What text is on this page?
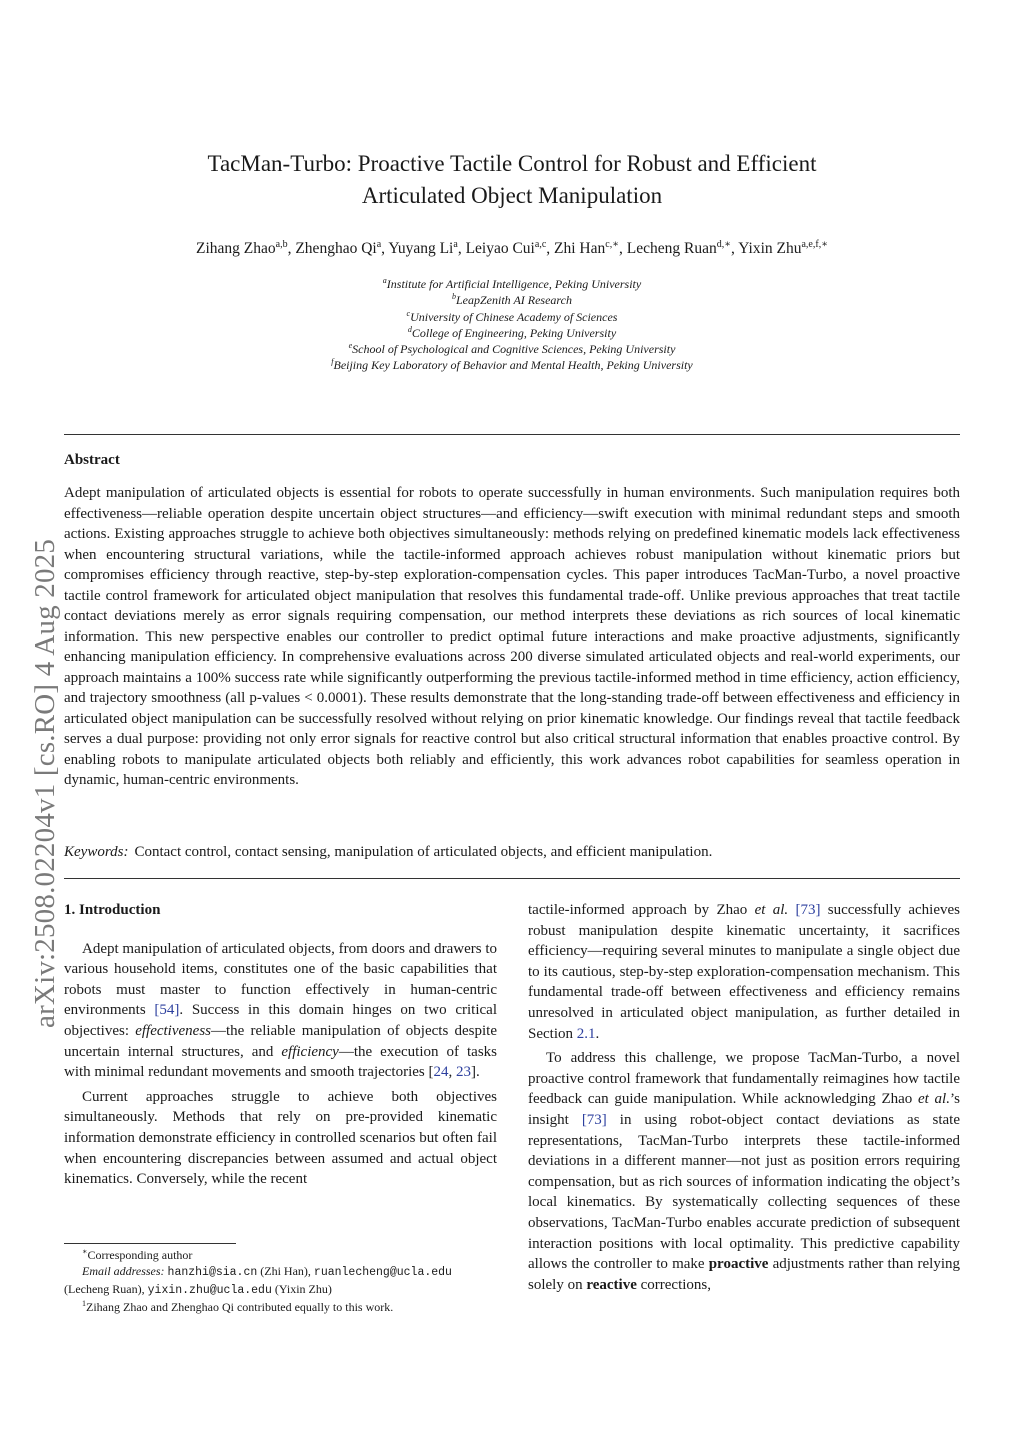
arXiv:2508.02204v1 [cs.RO] 4 Aug 2025
TacMan-Turbo: Proactive Tactile Control for Robust and Efficient
Articulated Object Manipulation
Zihang Zhao$^{a,b}$, Zhenghao Qi$^a$, Yuyang Li$^a$, Leiyao Cui$^{a,c}$, Zhi Han$^{c,∗}$, Lecheng Ruan$^{d,∗}$, Yixin Zhu$^{a,e,f,∗}$
$^a$Institute for Artificial Intelligence, Peking University
$^b$LeapZenith AI Research
$^c$University of Chinese Academy of Sciences
$^d$College of Engineering, Peking University
$^e$School of Psychological and Cognitive Sciences, Peking University
$^f$Beijing Key Laboratory of Behavior and Mental Health, Peking University
Abstract
Adept manipulation of articulated objects is essential for robots to operate successfully in human environments. Such manipulation requires both effectiveness—reliable operation despite uncertain object structures—and efficiency—swift execution with minimal redundant steps and smooth actions. Existing approaches struggle to achieve both objectives simultaneously: methods relying on predefined kinematic models lack effectiveness when encountering structural variations, while the tactile-informed approach achieves robust manipulation without kinematic priors but compromises efficiency through reactive, step-by-step exploration-compensation cycles. This paper introduces TacMan-Turbo, a novel proactive tactile control framework for articulated object manipulation that resolves this fundamental trade-off. Unlike previous approaches that treat tactile contact deviations merely as error signals requiring compensation, our method interprets these deviations as rich sources of local kinematic information. This new perspective enables our controller to predict optimal future interactions and make proactive adjustments, significantly enhancing manipulation efficiency. In comprehensive evaluations across 200 diverse simulated articulated objects and real-world experiments, our approach maintains a 100% success rate while significantly outperforming the previous tactile-informed method in time efficiency, action efficiency, and trajectory smoothness (all p-values < 0.0001). These results demonstrate that the long-standing trade-off between effectiveness and efficiency in articulated object manipulation can be successfully resolved without relying on prior kinematic knowledge. Our findings reveal that tactile feedback serves a dual purpose: providing not only error signals for reactive control but also critical structural information that enables proactive control. By enabling robots to manipulate articulated objects both reliably and efficiently, this work advances robot capabilities for seamless operation in dynamic, human-centric environments.
Keywords: Contact control, contact sensing, manipulation of articulated objects, and efficient manipulation.
1. Introduction

Adept manipulation of articulated objects, from doors and drawers to various household items, constitutes one of the basic capabilities that robots must master to function effectively in human-centric environments [54]. Success in this domain hinges on two critical objectives: effectiveness—the reliable manipulation of objects despite uncertain internal structures, and efficiency—the execution of tasks with minimal redundant movements and smooth trajectories [24, 23].

Current approaches struggle to achieve both objectives simultaneously. Methods that rely on pre-provided kinematic information demonstrate efficiency in controlled scenarios but often fail when encountering discrepancies between assumed and actual object kinematics. Conversely, while the recent

tactile-informed approach by Zhao et al. [73] successfully achieves robust manipulation despite kinematic uncertainty, it sacrifices efficiency—requiring several minutes to manipulate a single object due to its cautious, step-by-step exploration-compensation mechanism. This fundamental trade-off between effectiveness and efficiency remains unresolved in articulated object manipulation, as further detailed in Section 2.1.

To address this challenge, we propose TacMan-Turbo, a novel proactive control framework that fundamentally reimagines how tactile feedback can guide manipulation. While acknowledging Zhao et al.’s insight [73] in using robot-object contact deviations as state representations, TacMan-Turbo interprets these tactile-informed deviations in a different manner—not just as position errors requiring compensation, but as rich sources of information indicating the object’s local kinematics. By systematically collecting sequences of these observations, TacMan-Turbo enables accurate prediction of subsequent interaction positions with local optimality. This predictive capability allows the controller to make proactive adjustments rather than relying solely on reactive corrections,

∗Corresponding author
Email addresses: hanzhi@sia.cn (Zhi Han), ruanlecheng@ucla.edu
(Lecheng Ruan), yixin.zhu@ucla.edu (Yixin Zhu)
$^1$Zihang Zhao and Zhenghao Qi contributed equally to this work.
